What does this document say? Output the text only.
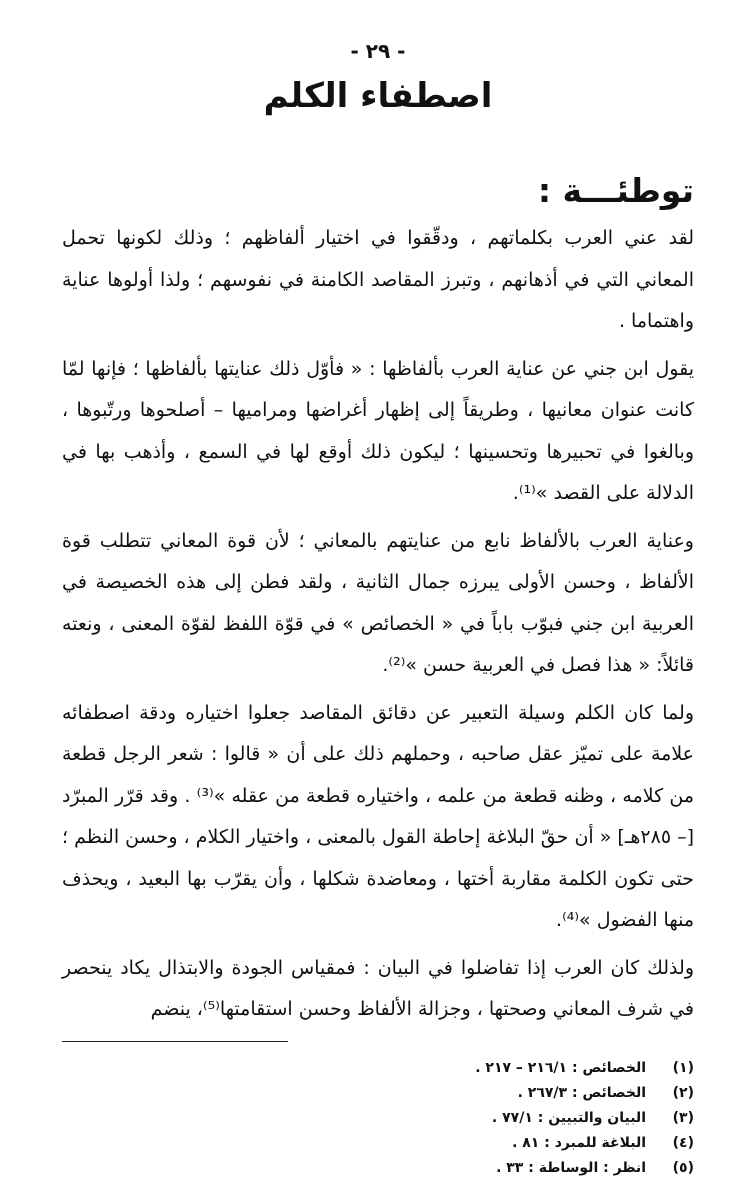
- ٢٩ -
اصطفاء الكلم
توطئـــة :

لقد عني العرب بكلماتهم ، ودقّقوا في اختيار ألفاظهم ؛ وذلك لكونها تحمل المعاني التي في أذهانهم ، وتبرز المقاصد الكامنة في نفوسهم ؛ ولذا أولوها عناية واهتماما .

يقول ابن جني عن عناية العرب بألفاظها : « فأوّل ذلك عنايتها بألفاظها ؛ فإنها لمّا كانت عنوان معانيها ، وطريقاً إلى إظهار أغراضها ومراميها – أصلحوها ورتّبوها ، وبالغوا في تحبيرها وتحسينها ؛ ليكون ذلك أوقع لها في السمع ، وأذهب بها في الدلالة على القصد »⁽¹⁾.

وعناية العرب بالألفاظ نابع من عنايتهم بالمعاني ؛ لأن قوة المعاني تتطلب قوة الألفاظ ، وحسن الأولى يبرزه جمال الثانية ، ولقد فطن إلى هذه الخصيصة في العربية ابن جني فبوّب باباً في « الخصائص » في قوّة اللفظ لقوّة المعنى ، ونعته قائلاً: « هذا فصل في العربية حسن »⁽²⁾.

ولما كان الكلم وسيلة التعبير عن دقائق المقاصد جعلوا اختياره ودقة اصطفائه علامة على تميّز عقل صاحبه ، وحملهم ذلك على أن « قالوا : شعر الرجل قطعة من كلامه ، وظنه قطعة من علمه ، واختياره قطعة من عقله »⁽³⁾ . وقد قرّر المبرّد [– ٢٨٥هـ] « أن حقّ البلاغة إحاطة القول بالمعنى ، واختيار الكلام ، وحسن النظم ؛ حتى تكون الكلمة مقاربة أختها ، ومعاضدة شكلها ، وأن يقرّب بها البعيد ، ويحذف منها الفضول »⁽⁴⁾.

ولذلك كان العرب إذا تفاضلوا في البيان : فمقياس الجودة والابتذال يكاد ينحصر في شرف المعاني وصحتها ، وجزالة الألفاظ وحسن استقامتها⁽⁵⁾، ينضم

(١)
الخصائص : ٢١٦/١ – ٢١٧ .
(٢)
الخصائص : ٢٦٧/٣ .
(٣)
البيان والتبيين : ٧٧/١ .
(٤)
البلاغة للمبرد : ٨١ .
(٥)
انظر : الوساطة : ٣٣ .
